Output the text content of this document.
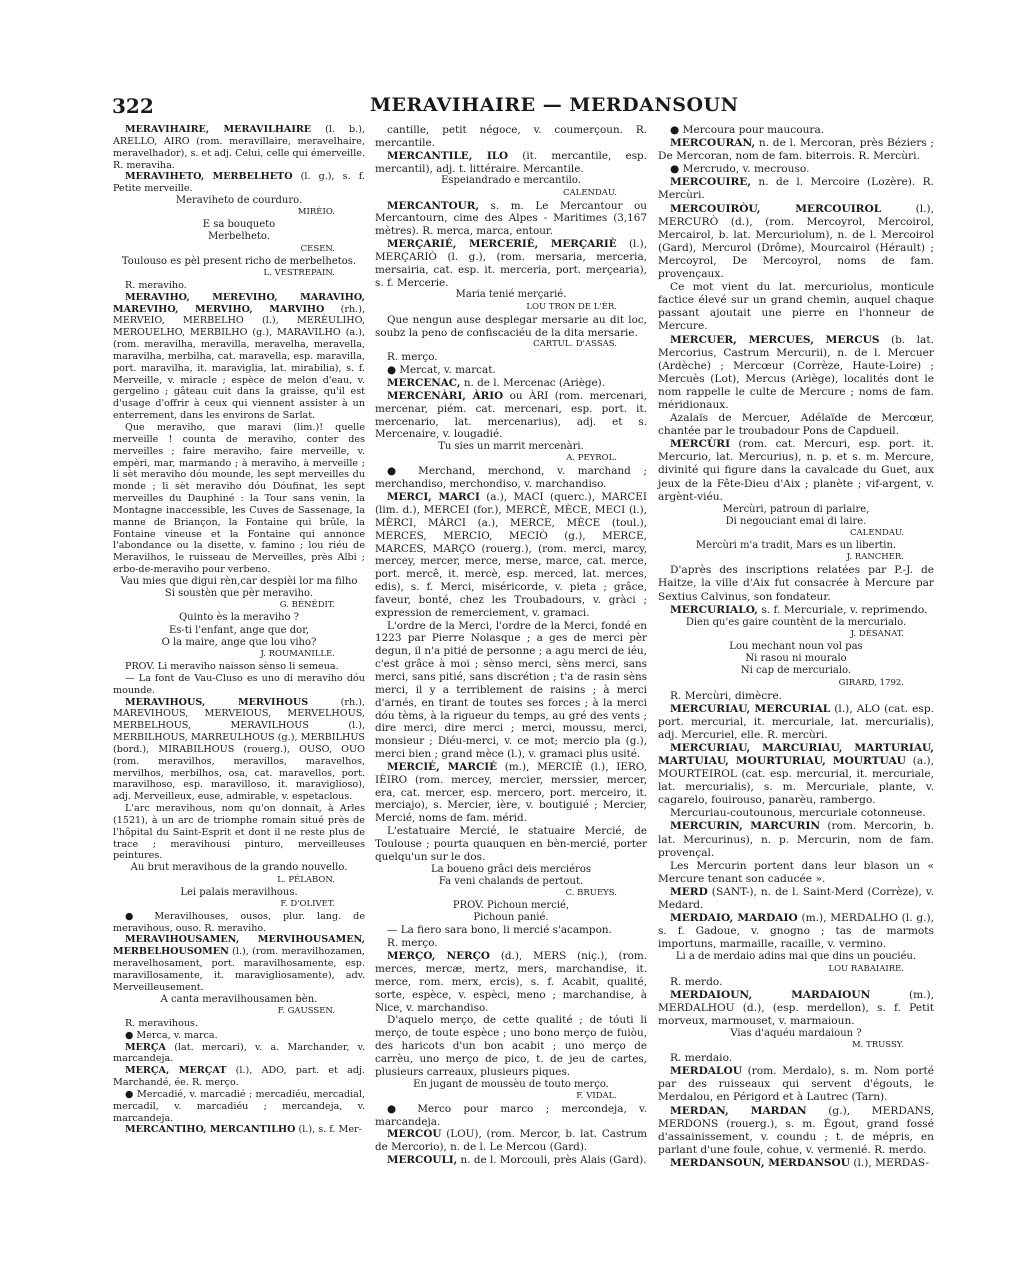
322	MERAVIHAIRE — MERDANSOUN
MERAVIHAIRE, MERAVILHAIRE (l. b.), ARELLO, AIRO (rom. meravillaire, meravelhaire, meravelhador), s. et adj. Celui, celle qui émerveille. R. meraviha.
MERAVIHETO, MERBELHETO (l. g.), s. f. Petite merveille.
Meraviheto de courduro.
MIRÈIO.
E sa bouqueto
Merbelheto.
CESEN.
Toulouso es pèl present richo de merbelhetos.
L. VESTREPAIN.
R. meraviho.
MERAVIHO, MEREVIHO, MARAVIHO, MAREVIHO, MERVIHO, MARVIHO (rh.), MERVEIO, MERBELHO (l.), MERÈULIHO, MEROUELHO, MERBILHO (g.), MARAVILHO (a.), (rom. meravilha, meravilla, meravelha, meravella, maravilha, merbilha, cat. maravella, esp. maravilla, port. maravilha, it. maraviglia, lat. mirabilia), s. f. Merveille, v. miracle ; espèce de melon d'eau, v. gergelino ; gâteau cuit dans la graisse, qu'il est d'usage d'offrir à ceux qui viennent assister à un enterrement, dans les environs de Sarlat.
Que meraviho, que maravi (lim.)! quelle merveille ! counta de meraviho, conter des merveilles ; faire meraviho, faire merveille, v. empèri, mar, marmando ; à meraviho, à merveille ; li sèt meraviho dóu mounde, les sept merveilles du monde ; li sèt meraviho dóu Dóufinat, les sept merveilles du Dauphiné : la Tour sans venin, la Montagne inaccessible, les Cuves de Sassenage, la manne de Briançon, la Fontaine qui brûle, la Fontaine vineuse et la Fontaine qui annonce l'abondance ou la disette, v. famino ; lou riéu de Meravilhos, le ruisseau de Merveilles, près Albi ; erbo-de-meraviho pour verbeno.
Vau mies que digui rèn,car despièi lor ma filho
Si soustèn que pèr meraviho.
G. BÉNÉDIT.
Quinto ès la meraviho ?
Es-ti l'enfant, ange que dor,
O la maire, ange que lou viho?
J. ROUMANILLE.
PROV. Li meraviho naisson sènso li semeua.
— La font de Vau-Cluso es uno di meraviho dóu mounde.
MERAVIHOUS, MERVIHOUS (rh.), MAREVIHOUS, MERVEIOUS, MERVELHOUS, MERBELHOUS, MERAVILHOUS (l.), MERBILHOUS, MARREULHOUS (g.), MERBILHUS (bord.), MIRABILHOUS (rouerg.), OUSO, OUO (rom. meravilhos, meravillos, maravelhos, mervilhos, merbilhos, osa, cat. maravellos, port. maravilhoso, esp. maravilloso, it. maraviglioso), adj. Merveilleux, euse, admirable, v. espetaclous.
L'arc meravihous, nom qu'on donnait, à Arles (1521), à un arc de triomphe romain situé près de l'hôpital du Saint-Esprit et dont il ne reste plus de trace ; meravihousi pinturo, merveilleuses peintures.
Au brut meravihous de la grando nouvello.
L. PÉLABON.
Lei palais meravilhous.
F. D'OLIVET.
● Meravilhouses, ousos, plur. lang. de meravihous, ouso. R. meraviho.
MERAVIHOUSAMEN, MERVIHOUSAMEN, MERBELHOUSOMEN (l.), (rom. meravilhozamen, meravelhosament, port. maravilhosamente, esp. maravillosamente, it. maravigliosamente), adv. Merveilleusement.
A canta meravilhousamen bèn.
F. GAUSSEN.
R. meravihous.
● Merca, v. marca.
MERÇA (lat. mercari), v. a. Marchander, v. marcandeja.
MERÇA, MERÇAT (l.), ADO, part. et adj. Marchandé, ée. R. merço.
● Mercadié, v. marcadié ; mercadiéu, mercadial, mercadil, v. marcadiéu ; mercandeja, v. marcandeja.
MERCANTIHO, MERCANTILHO (l.), s. f. Mer-
cantille, petit négoce, v. coumerçoun. R. mercantile.
MERCANTILE, ILO (it. mercantile, esp. mercantil), adj. t. littéraire. Mercantile.
Espeiandrado e mercantilo.
CALENDAU.
MERCANTOUR, s. m. Le Mercantour ou Mercantourn, cime des Alpes - Maritimes (3,167 mètres). R. merca, marca, entour.
MERÇARIÉ, MERCERIÉ, MERÇARIÈ (l.), MERÇARIÒ (l. g.), (rom. mersaria, merceria, mersairia, cat. esp. it. merceria, port. merçearia), s. f. Mercerie.
Maria tenié merçarié.
LOU TRON DE L'ÈR.
Que nengun ause desplegar mersarie au dit loc, soubz la peno de confiscaciéu de la dita mersarie.
CARTUL. D'ASSAS.
R. merço.
● Mercat, v. marcat.
MERCENAC, n. de l. Mercenac (Ariège).
MERCENÀRI, ÀRIO ou ÀRI (rom. mercenari, mercenar, piém. cat. mercenari, esp. port. it. mercenario, lat. mercenarius), adj. et s. Mercenaire, v. lougadié.
Tu sies un marrit mercenàri.
A. PEYROL.
● Merchand, merchond, v. marchand ; merchandiso, merchondiso, v. marchandiso.
MERCI, MARCI (a.), MACI (querc.), MARCEI (lim. d.), MERCEI (for.), MERCÈ, MÈCE, MECI (l.), MÈRCI, MÀRCI (a.), MERCE, MÈCE (toul.), MERCES, MERCIO, MECIÒ (g.), MERCE, MARCES, MARÇO (rouerg.), (rom. merci, marcy, mercey, mercer, merce, merse, marce, cat. merce, port. mercê, it. mercè, esp. merced, lat. merces, edis), s. f. Merci, miséricorde, v. pieta ; grâce, faveur, bonté, chez les Troubadours, v. gràci ; expression de remerciement, v. gramaci.
L'ordre de la Merci, l'ordre de la Merci, fondé en 1223 par Pierre Nolasque ; a ges de merci pèr degun, il n'a pitié de personne ; a agu merci de iéu, c'est grâce à moi ; sènso merci, sèns merci, sans merci, sans pitié, sans discrétion ; t'a de rasin sèns merci, il y a terriblement de raisins ; à merci d'arnés, en tirant de toutes ses forces ; à la merci dóu tèms, à la rigueur du temps, au gré des vents ; dire merci, dire merci ; merci, moussu, merci, monsieur ; Diéu-merci, v. ce mot; mercio pla (g.), merci bien ; grand mèce (l.), v. gramaci plus usité.
MERCIÉ, MARCIÉ (m.), MERCIÈ (l.), IERO, IÈIRO (rom. mercey, mercier, merssier, mercer, era, cat. mercer, esp. mercero, port. merceiro, it. merciajo), s. Mercier, ière, v. boutiguié ; Mercier, Mercié, noms de fam. mérid.
L'estatuaire Mercié, le statuaire Mercié, de Toulouse ; pourta quauquen en bèn-mercié, porter quelqu'un sur le dos.
La boueno grâci deis merciéros
Fa veni chalands de pertout.
C. BRUEYS.
PROV. Pichoun mercié,
Pichoun panié.
— La fiero sara bono, li mercié s'acampon.
R. merço.
MERÇO, NERÇO (d.), MERS (niç.), (rom. merces, mercæ, mertz, mers, marchandise, it. merce, rom. merx, ercis), s. f. Acabit, qualité, sorte, espèce, v. espèci, meno ; marchandise, à Nice, v. marchandiso.
D'aquelo merço, de cette qualité ; de tóuti li merço, de toute espèce ; uno bono merço de fuiòu, des haricots d'un bon acabit ; uno merço de carrèu, uno merço de pico, t. de jeu de cartes, plusieurs carreaux, plusieurs piques.
En jugant de moussèu de touto merço.
F. VIDAL.
● Merco pour marco ; mercondeja, v. marcandeja.
MERCOU (LOU), (rom. Mercor, b. lat. Castrum de Mercorio), n. de l. Le Mercou (Gard).
MERCOULI, n. de l. Morcouli, près Alais (Gard).
● Mercoura pour maucoura.
MERCOURAN, n. de l. Mercoran, près Béziers ; De Mercoran, nom de fam. biterrois. R. Mercùri.
● Mercrudo, v. mecrouso.
MERCOUIRE, n. de l. Mercoire (Lozère). R. Mercùri.
MERCOUIRÒU, MERCOUIROL (l.), MERCURÒ (d.), (rom. Mercoyrol, Mercoirol, Mercairol, b. lat. Mercuriolum), n. de l. Mercoirol (Gard), Mercurol (Drôme), Mourcairol (Hérault) ; Mercoyrol, De Mercoyrol, noms de fam. provençaux.
Ce mot vient du lat. mercuriolus, monticule factice élevé sur un grand chemin, auquel chaque passant ajoutait une pierre en l'honneur de Mercure.
MERCUER, MERCUES, MERCUS (b. lat. Mercorius, Castrum Mercurii), n. de l. Mercuer (Ardèche) ; Mercœur (Corrèze, Haute-Loire) ; Mercuès (Lot), Mercus (Ariège), localités dont le nom rappelle le culte de Mercure ; noms de fam. méridionaux.
Azalaïs de Mercuer, Adélaïde de Mercœur, chantée par le troubadour Pons de Capdueil.
MERCÙRI (rom. cat. Mercuri, esp. port. it. Mercurio, lat. Mercurius), n. p. et s. m. Mercure, divinité qui figure dans la cavalcade du Guet, aux jeux de la Fête-Dieu d'Aix ; planète ; vif-argent, v. argènt-viéu.
Mercùri, patroun di parlaire,
Di negouciant emai di laire.
CALENDAU.
Mercùri m'a tradit, Mars es un libertin.
J. RANCHER.
D'après des inscriptions relatées par P.-J. de Haitze, la ville d'Aix fut consacrée à Mercure par Sextius Calvinus, son fondateur.
MERCURIALO, s. f. Mercuriale, v. reprimendo.
Dien qu'es gaire countènt de la mercurialo.
J. DÉSANAT.
Lou mechant noun vol pas
Ni rasou ni mouralo
Ni cap de mercurialo.
GIRARD, 1792.
R. Mercùri, dimècre.
MERCURIAU, MERCURIAL (l.), ALO (cat. esp. port. mercurial, it. mercuriale, lat. mercurialis), adj. Mercuriel, elle. R. mercùri.
MERCURIAU, MARCURIAU, MARTURIAU, MARTUIAU, MOURTURIAU, MOURTUAU (a.), MOURTEIROL (cat. esp. mercurial, it. mercuriale, lat. mercurialis), s. m. Mercuriale, plante, v. cagarelo, fouirouso, panarèu, rambergo.
Mercuriau-coutounous, mercuriale cotonneuse.
MERCURIN, MARCURIN (rom. Mercorin, b. lat. Mercurinus), n. p. Mercurin, nom de fam. provençal.
Les Mercurin portent dans leur blason un « Mercure tenant son caducée ».
MERD (SANT-), n. de l. Saint-Merd (Corrèze), v. Medard.
MERDAIO, MARDAIO (m.), MERDALHO (l. g.), s. f. Gadoue, v. gnogno ; tas de marmots importuns, marmaille, racaille, v. vermino.
Li a de merdaio adins mai que dins un pouciéu.
LOU RABAIAIRE.
R. merdo.
MERDAIOUN, MARDAIOUN (m.), MERDALHOU (d.), (esp. merdellon), s. f. Petit morveux, marmouset, v. marmaioun.
Vias d'aquéu mardaioun ?
M. TRUSSY.
R. merdaio.
MERDALOU (rom. Merdalo), s. m. Nom porté par des ruisseaux qui servent d'égouts, le Merdalou, en Périgord et à Lautrec (Tarn).
MERDAN, MARDAN (g.), MERDANS, MERDONS (rouerg.), s. m. Égout, grand fossé d'assainissement, v. coundu ; t. de mépris, en parlant d'une foule, cohue, v. vermenié. R. merdo.
MERDANSOUN, MERDANSOU (l.), MERDAS-
